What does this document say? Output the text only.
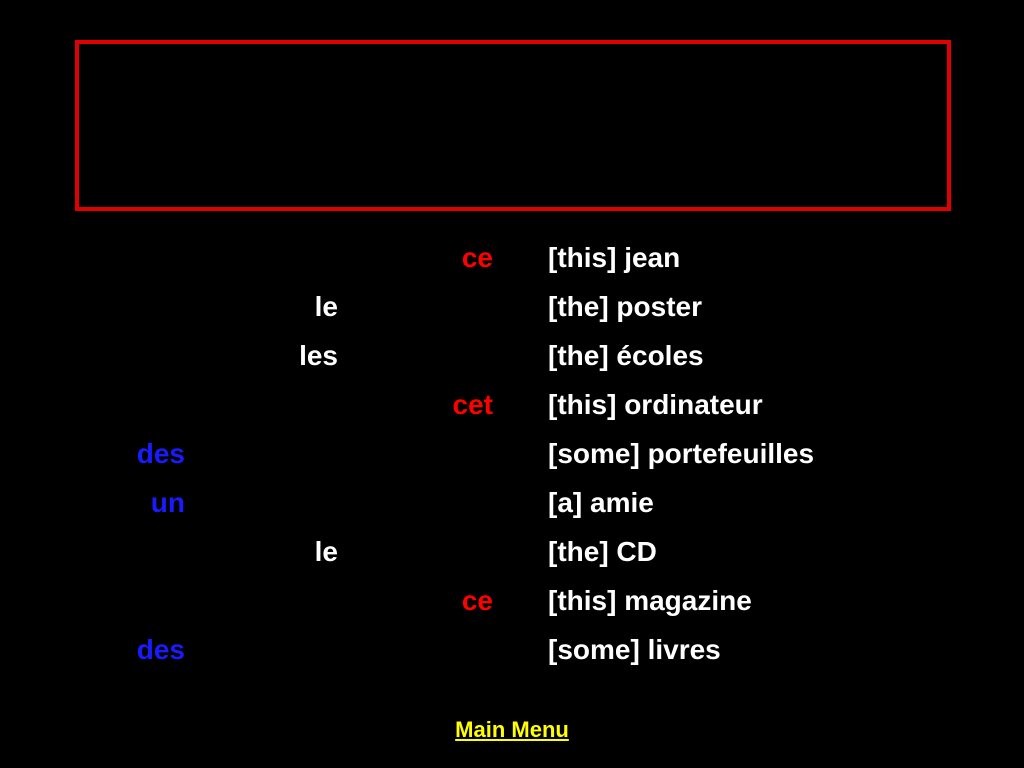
ce [this] jean
le	[the] poster
les	[the] écoles
cet [this] ordinateur
des	[some] portefeuilles
un	[a] amie
le	[the] CD
ce [this] magazine
des	[some] livres
Main Menu
